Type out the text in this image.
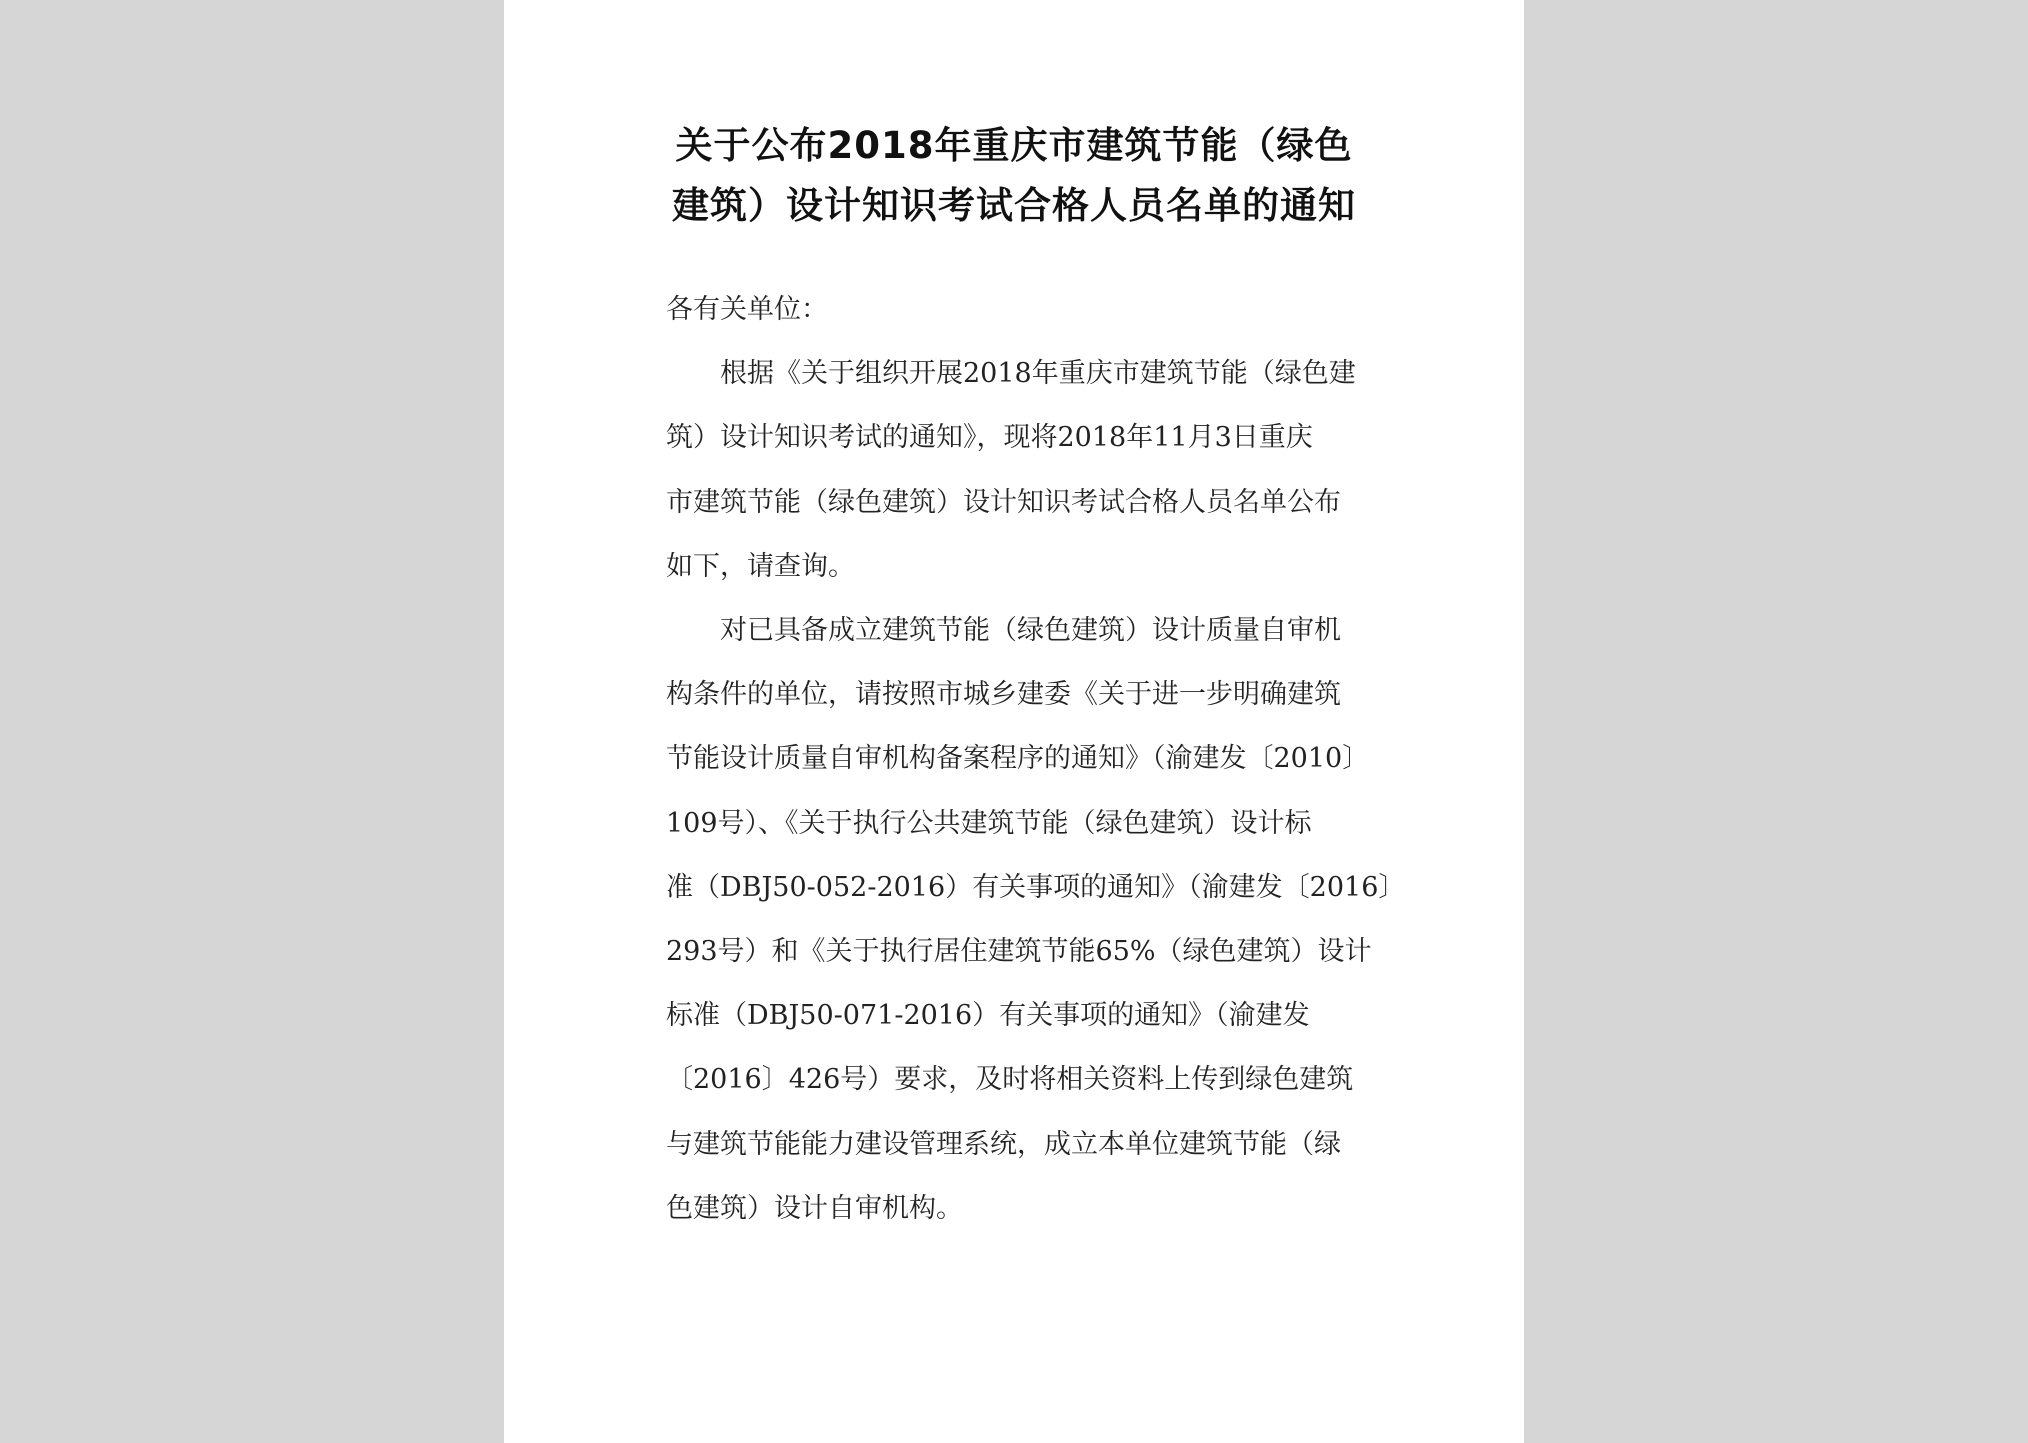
关于公布2018年重庆市建筑节能（绿色
建筑）设计知识考试合格人员名单的通知
各有关单位：
根据《关于组织开展2018年重庆市建筑节能（绿色建
筑）设计知识考试的通知》，现将2018年11月3日重庆
市建筑节能（绿色建筑）设计知识考试合格人员名单公布
如下，请查询。
对已具备成立建筑节能（绿色建筑）设计质量自审机
构条件的单位，请按照市城乡建委《关于进一步明确建筑
节能设计质量自审机构备案程序的通知》（渝建发〔2010〕
109号）、《关于执行公共建筑节能（绿色建筑）设计标
准（DBJ50-052-2016）有关事项的通知》（渝建发〔2016〕
293号）和《关于执行居住建筑节能65%（绿色建筑）设计
标准（DBJ50-071-2016）有关事项的通知》（渝建发
〔2016〕426号）要求，及时将相关资料上传到绿色建筑
与建筑节能能力建设管理系统，成立本单位建筑节能（绿
色建筑）设计自审机构。
